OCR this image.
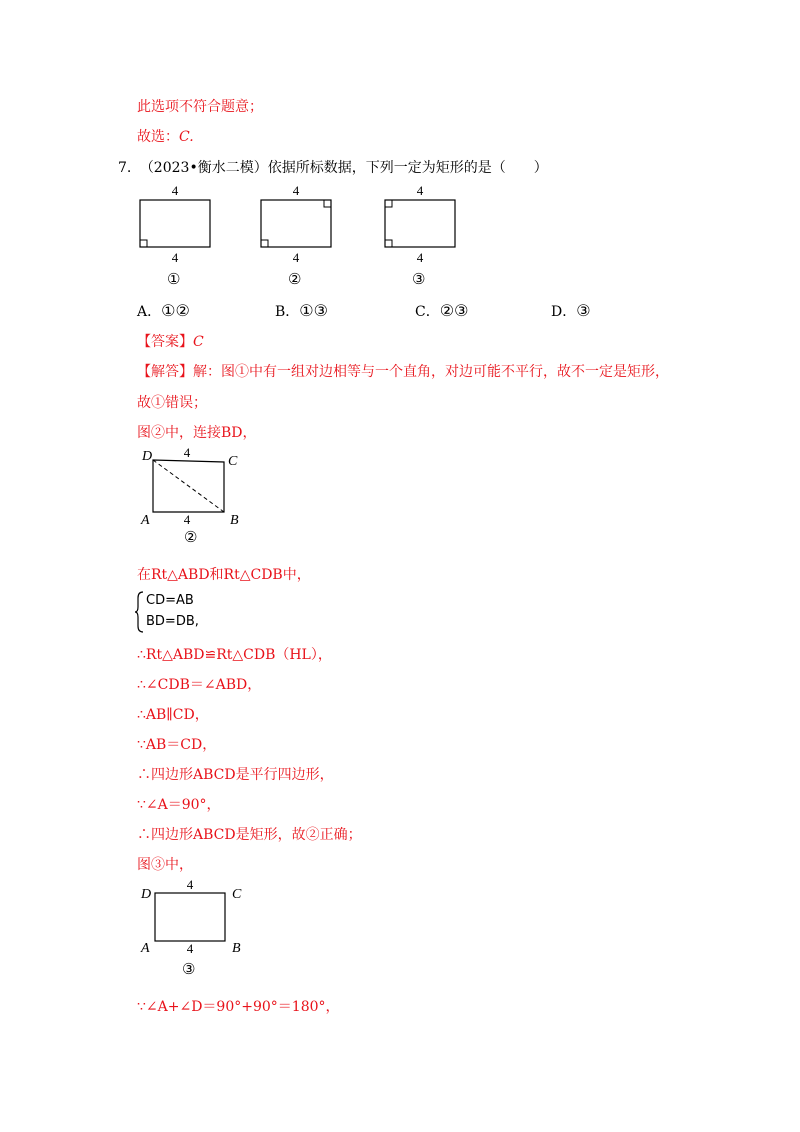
此选项不符合题意；
故选：C.
7. （2023•衡水二模）依据所标数据，下列一定为矩形的是（　　）
4
4
4
4
4
4
①	②	③
A．①②	B．①③	C．②③	D．③
【答案】C
【解答】解：图①中有一组对边相等与一个直角，对边可能不平行，故不一定是矩形，
故①错误；
图②中，连接BD，
D	C
A	B
4
4
②
在Rt△ABD和Rt△CDB中，
CD=AB
BD=DB,
∴Rt△ABD≌Rt△CDB（HL），
∴∠CDB＝∠ABD，
∴AB∥CD，
∵AB＝CD，
∴四边形ABCD是平行四边形，
∵∠A＝90°，
∴四边形ABCD是矩形，故②正确；
图③中，
D	C
A	B
4
4
③
∵∠A+∠D＝90°+90°＝180°，
